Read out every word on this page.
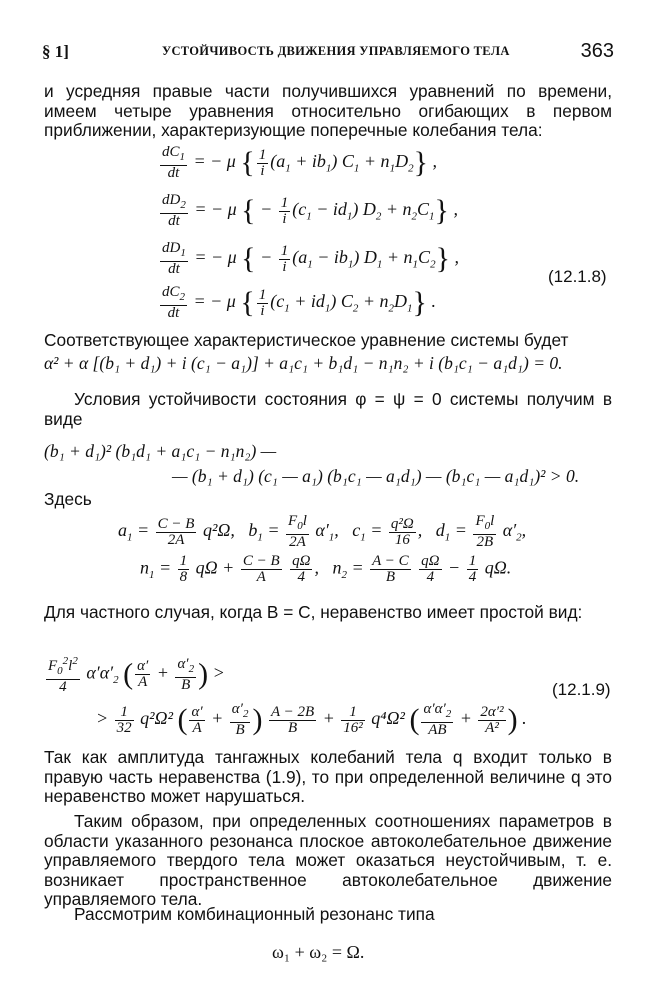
§ 1]	УСТОЙЧИВОСТЬ ДВИЖЕНИЯ УПРАВЛЯЕМОГО ТЕЛА	363
и усредняя правые части получившихся уравнений по времени, имеем четыре уравнения относительно огибающих в первом приближении, характеризующие поперечные колебания тела:
$\frac{dC_1}{dt}$ = − μ { $\frac{1}{i} (a_1 + ib_1) C_1 + n_1D_2$} ,
$\frac{dD_2}{dt}$ = − μ { − $\frac{1}{i} (c_1 - id_1) D_2 + n_2C_1$} ,
$\frac{dD_1}{dt}$ = − μ { − $\frac{1}{i} (a_1 - ib_1) D_1 + n_1C_2$} ,
$\frac{dC_2}{dt}$ = − μ { $\frac{1}{i} (c_1 + id_1) C_2 + n_2D_1$} .
(12.1.8)
Соответствующее характеристическое уравнение системы будет
α² + α [(b₁ + d₁) + i (c₁ − a₁)] + a₁c₁ + b₁d₁ − n₁n₂ + i (b₁c₁ − a₁d₁) = 0.
Условия устойчивости состояния φ = ψ = 0 системы получим в виде
(b₁ + d₁)² (b₁d₁ + a₁c₁ − n₁n₂) —
— (b₁ + d₁) (c₁ — a₁) (b₁c₁ — a₁d₁) — (b₁c₁ — a₁d₁)² > 0.
Здесь
$a_1 = \frac{C - B}{2A} q^2\Omega$,   $b_1 = \frac{F_0l}{2A} \alpha'_1$,   $c_1 = \frac{\text{q²Ω}}{16}$ ,   $d_1 = \frac{F_0l}{2B} \alpha'_2$,
$n_1 = \frac{1}{8}$ $q\Omega + \frac{C - B}{A}$
$\frac{q\Omega}{4}$ ,   $n_2 = \frac{A - C}{B}$
$\frac{q\Omega}{4} - \frac{1}{4} q\Omega$.
Для частного случая, когда B = C, неравенство имеет простой вид:
$\frac{F_0^2l^2}{4} \alpha'\alpha'_2$ ( $\frac{\alpha'}{A} + \frac{\alpha'_2}{B}$ ) >
> $\frac{1}{32} q^2\Omega^2$ ( $\frac{\alpha'}{A} + \frac{\alpha'_2}{B}$ ) $\frac{A - 2B}{B} + \frac{1}{\text{16²}} q^4\Omega^2$ ( $\frac{\alpha'\alpha'_2}{AB} + \frac{\text{2α′²}}{\text{A²}}$ ) .
(12.1.9)
Так как амплитуда тангажных колебаний тела q входит только в правую часть неравенства (1.9), то при определенной величине q это неравенство может нарушаться.
Таким образом, при определенных соотношениях параметров в области указанного резонанса плоское автоколебательное движение управляемого твердого тела может оказаться неустойчивым, т. е. возникает пространственное автоколебательное движение управляемого тела.
Рассмотрим комбинационный резонанс типа
ω₁ + ω₂ = Ω.
